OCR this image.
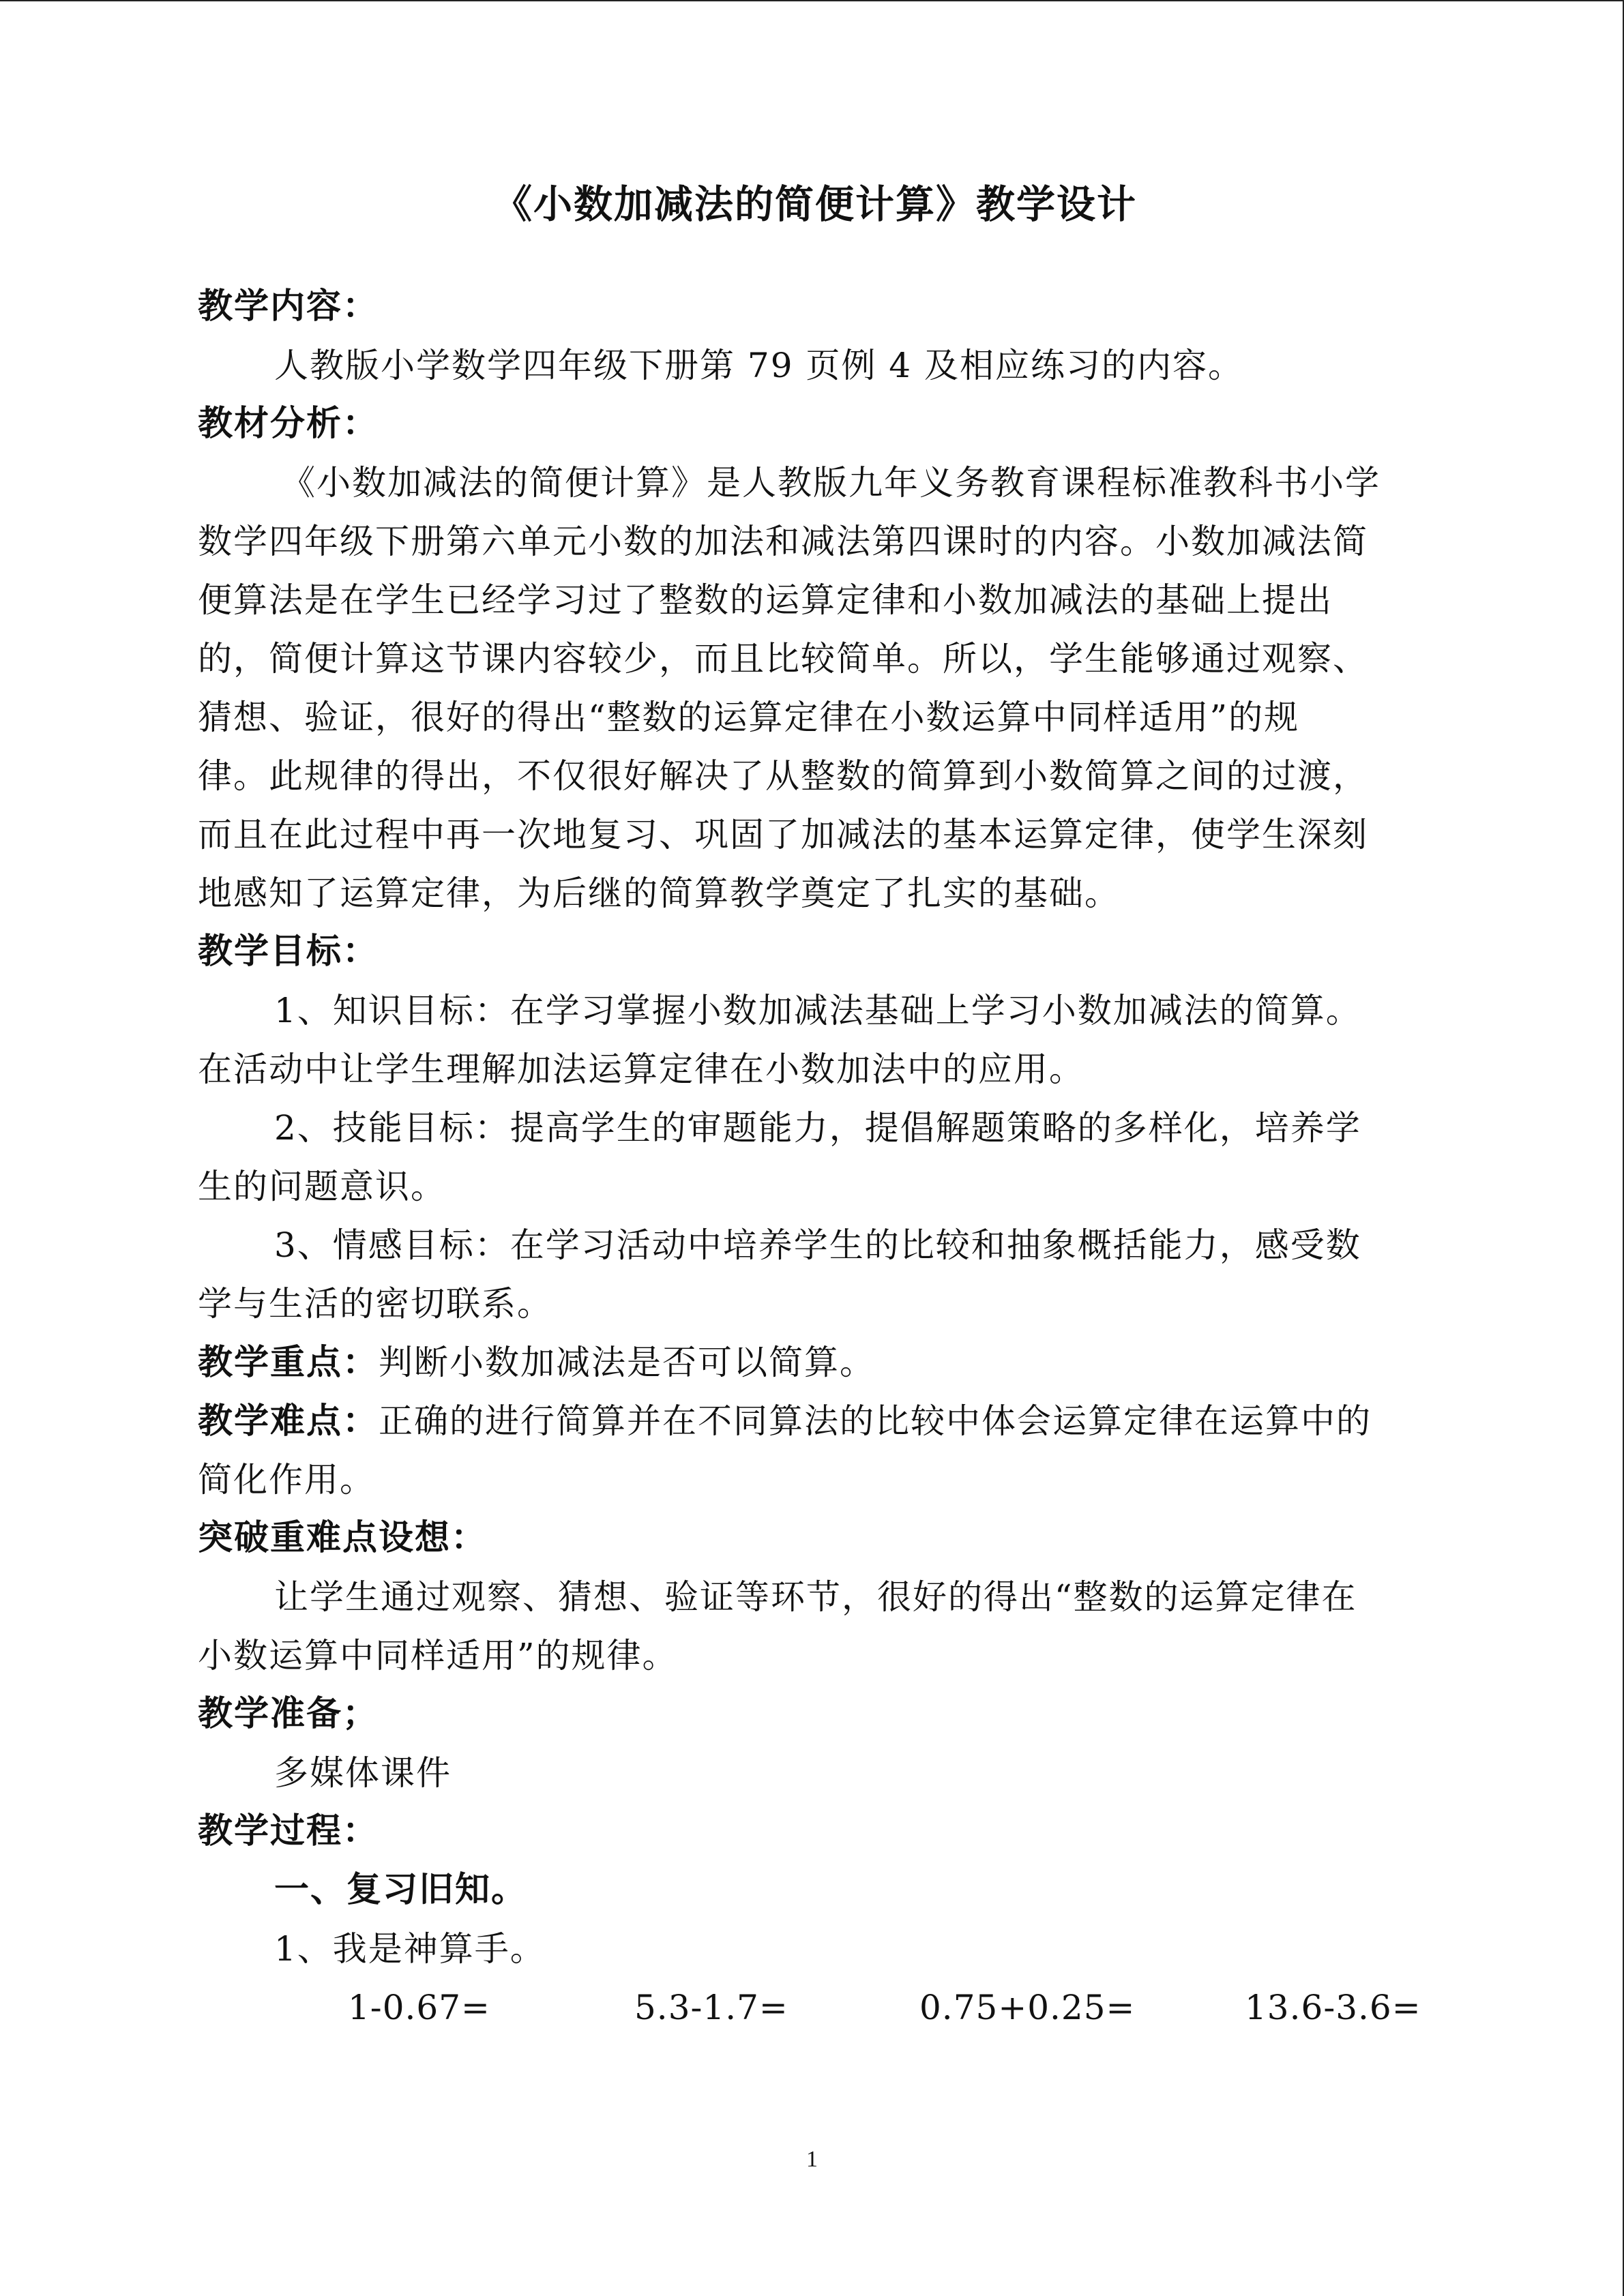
《小数加减法的简便计算》教学设计
教学内容：
人教版小学数学四年级下册第 79 页例 4 及相应练习的内容。
教材分析：
《小数加减法的简便计算》是人教版九年义务教育课程标准教科书小学
数学四年级下册第六单元小数的加法和减法第四课时的内容。小数加减法简
便算法是在学生已经学习过了整数的运算定律和小数加减法的基础上提出
的，简便计算这节课内容较少，而且比较简单。所以，学生能够通过观察、
猜想、验证，很好的得出“整数的运算定律在小数运算中同样适用”的规
律。此规律的得出，不仅很好解决了从整数的简算到小数简算之间的过渡，
而且在此过程中再一次地复习、巩固了加减法的基本运算定律，使学生深刻
地感知了运算定律，为后继的简算教学奠定了扎实的基础。
教学目标：
1、知识目标：在学习掌握小数加减法基础上学习小数加减法的简算。
在活动中让学生理解加法运算定律在小数加法中的应用。
2、技能目标：提高学生的审题能力，提倡解题策略的多样化，培养学
生的问题意识。
3、情感目标：在学习活动中培养学生的比较和抽象概括能力，感受数
学与生活的密切联系。
教学重点：判断小数加减法是否可以简算。
教学难点：正确的进行简算并在不同算法的比较中体会运算定律在运算中的
简化作用。
突破重难点设想：
让学生通过观察、猜想、验证等环节，很好的得出“整数的运算定律在
小数运算中同样适用”的规律。
教学准备；
多媒体课件
教学过程：
一、复习旧知。
1、我是神算手。
1-0.67=	5.3-1.7=	0.75+0.25=	13.6-3.6=
1
